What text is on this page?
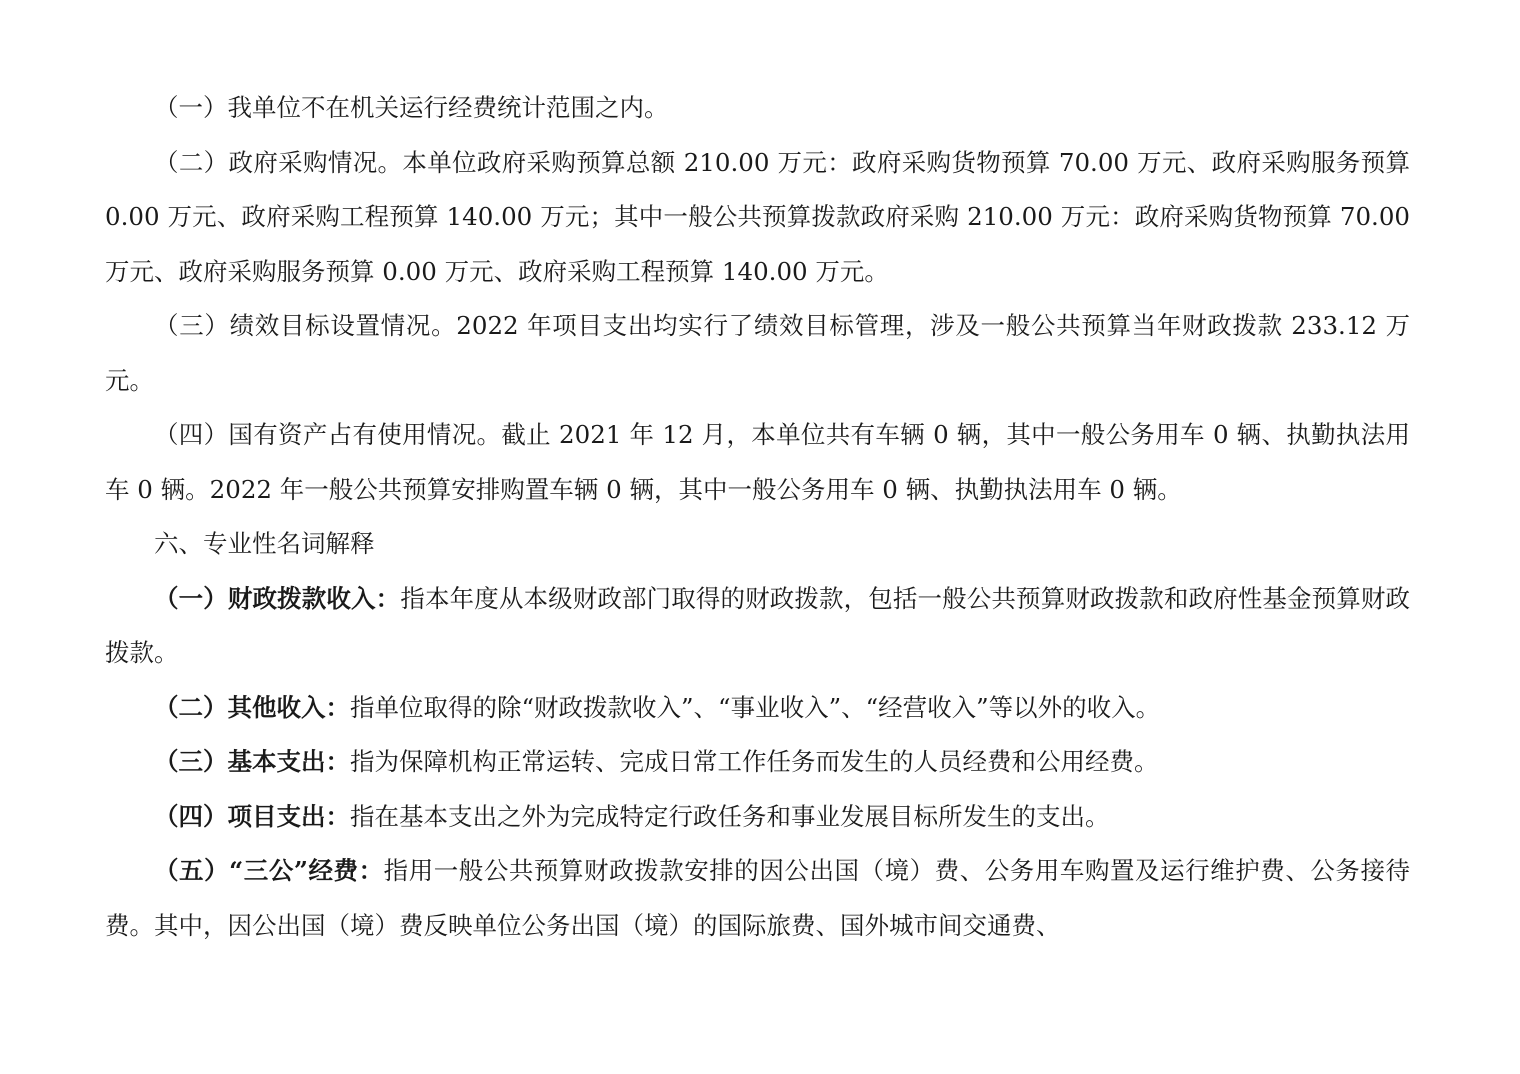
（一）我单位不在机关运行经费统计范围之内。

（二）政府采购情况。本单位政府采购预算总额 210.00 万元：政府采购货物预算 70.00 万元、政府采购服务预算 0.00 万元、政府采购工程预算 140.00 万元；其中一般公共预算拨款政府采购 210.00 万元：政府采购货物预算 70.00 万元、政府采购服务预算 0.00 万元、政府采购工程预算 140.00 万元。

（三）绩效目标设置情况。2022 年项目支出均实行了绩效目标管理，涉及一般公共预算当年财政拨款 233.12 万元。

（四）国有资产占有使用情况。截止 2021 年 12 月，本单位共有车辆 0 辆，其中一般公务用车 0 辆、执勤执法用车 0 辆。2022 年一般公共预算安排购置车辆 0 辆，其中一般公务用车 0 辆、执勤执法用车 0 辆。

六、专业性名词解释

（一）财政拨款收入：指本年度从本级财政部门取得的财政拨款，包括一般公共预算财政拨款和政府性基金预算财政拨款。

（二）其他收入：指单位取得的除“财政拨款收入”、“事业收入”、“经营收入”等以外的收入。

（三）基本支出：指为保障机构正常运转、完成日常工作任务而发生的人员经费和公用经费。

（四）项目支出：指在基本支出之外为完成特定行政任务和事业发展目标所发生的支出。

（五）“三公”经费：指用一般公共预算财政拨款安排的因公出国（境）费、公务用车购置及运行维护费、公务接待费。其中，因公出国（境）费反映单位公务出国（境）的国际旅费、国外城市间交通费、
